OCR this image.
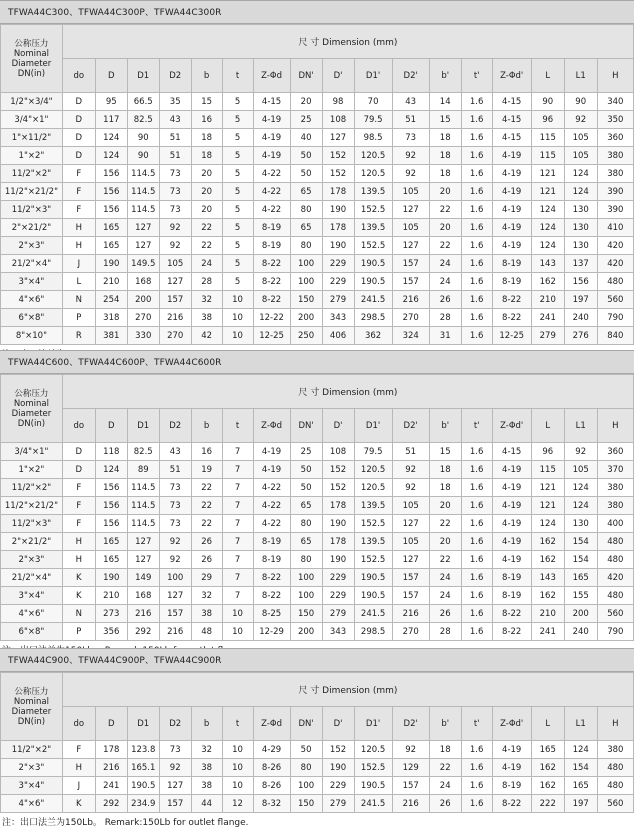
TFWA44C300、TFWA44C300P、TFWA44C300R
公称压力
Nominal
Diameter
DN(in)	尺 寸 Dimension (mm)																
	do	D	D1	D2	b	t	Z-Φd	DN'	D'	D1'	D2'	b'	t'	Z-Φd'	L	L1	H
1/2"×3/4"	D	95	66.5	35	15	5	4-15	20	98	70	43	14	1.6	4-15	90	90	340
3/4"×1"	D	117	82.5	43	16	5	4-19	25	108	79.5	51	15	1.6	4-15	96	92	350
1"×11/2"	D	124	90	51	18	5	4-19	40	127	98.5	73	18	1.6	4-15	115	105	360
1"×2"	D	124	90	51	18	5	4-19	50	152	120.5	92	18	1.6	4-19	115	105	380
11/2"×2"	F	156	114.5	73	20	5	4-22	50	152	120.5	92	18	1.6	4-19	121	124	380
11/2"×21/2"	F	156	114.5	73	20	5	4-22	65	178	139.5	105	20	1.6	4-19	121	124	390
11/2"×3"	F	156	114.5	73	20	5	4-22	80	190	152.5	127	22	1.6	4-19	124	130	390
2"×21/2"	H	165	127	92	22	5	8-19	65	178	139.5	105	20	1.6	4-19	124	130	410
2"×3"	H	165	127	92	22	5	8-19	80	190	152.5	127	22	1.6	4-19	124	130	420
21/2"×4"	J	190	149.5	105	24	5	8-22	100	229	190.5	157	24	1.6	8-19	143	137	420
3"×4"	L	210	168	127	28	5	8-22	100	229	190.5	157	24	1.6	8-19	162	156	480
4"×6"	N	254	200	157	32	10	8-22	150	279	241.5	216	26	1.6	8-22	210	197	560
6"×8"	P	318	270	216	38	10	12-22	200	343	298.5	270	28	1.6	8-22	241	240	790
8"×10"	R	381	330	270	42	10	12-25	250	406	362	324	31	1.6	12-25	279	276	840
TFWA44C600、TFWA44C600P、TFWA44C600R
公称压力
Nominal
Diameter
DN(in)	尺 寸 Dimension (mm)																
	do	D	D1	D2	b	t	Z-Φd	DN'	D'	D1'	D2'	b'	t'	Z-Φd'	L	L1	H
3/4"×1"	D	118	82.5	43	16	7	4-19	25	108	79.5	51	15	1.6	4-15	96	92	360
1"×2"	D	124	89	51	19	7	4-19	50	152	120.5	92	18	1.6	4-19	115	105	370
11/2"×2"	F	156	114.5	73	22	7	4-22	50	152	120.5	92	18	1.6	4-19	121	124	380
11/2"×21/2"	F	156	114.5	73	22	7	4-22	65	178	139.5	105	20	1.6	4-19	121	124	380
11/2"×3"	F	156	114.5	73	22	7	4-22	80	190	152.5	127	22	1.6	4-19	124	130	400
2"×21/2"	H	165	127	92	26	7	8-19	65	178	139.5	105	20	1.6	4-19	162	154	480
2"×3"	H	165	127	92	26	7	8-19	80	190	152.5	127	22	1.6	4-19	162	154	480
21/2"×4"	K	190	149	100	29	7	8-22	100	229	190.5	157	24	1.6	8-19	143	165	420
3"×4"	K	210	168	127	32	7	8-22	100	229	190.5	157	24	1.6	8-19	162	155	480
4"×6"	N	273	216	157	38	10	8-25	150	279	241.5	216	26	1.6	8-22	210	200	560
6"×8"	P	356	292	216	48	10	12-29	200	343	298.5	270	28	1.6	8-22	241	240	790
TFWA44C900、TFWA44C900P、TFWA44C900R
公称压力
Nominal
Diameter
DN(in)	尺 寸 Dimension (mm)																
	do	D	D1	D2	b	t	Z-Φd	DN'	D'	D1'	D2'	b'	t'	Z-Φd'	L	L1	H
11/2"×2"	F	178	123.8	73	32	10	4-29	50	152	120.5	92	18	1.6	4-19	165	124	380
2"×3"	H	216	165.1	92	38	10	8-26	80	190	152.5	129	22	1.6	4-19	162	154	480
3"×4"	J	241	190.5	127	38	10	8-26	100	229	190.5	157	24	1.6	8-19	162	165	480
4"×6"	K	292	234.9	157	44	12	8-32	150	279	241.5	216	26	1.6	8-22	222	197	560
注：出口法兰为150Lb。 Remark:150Lb for outlet flange.
